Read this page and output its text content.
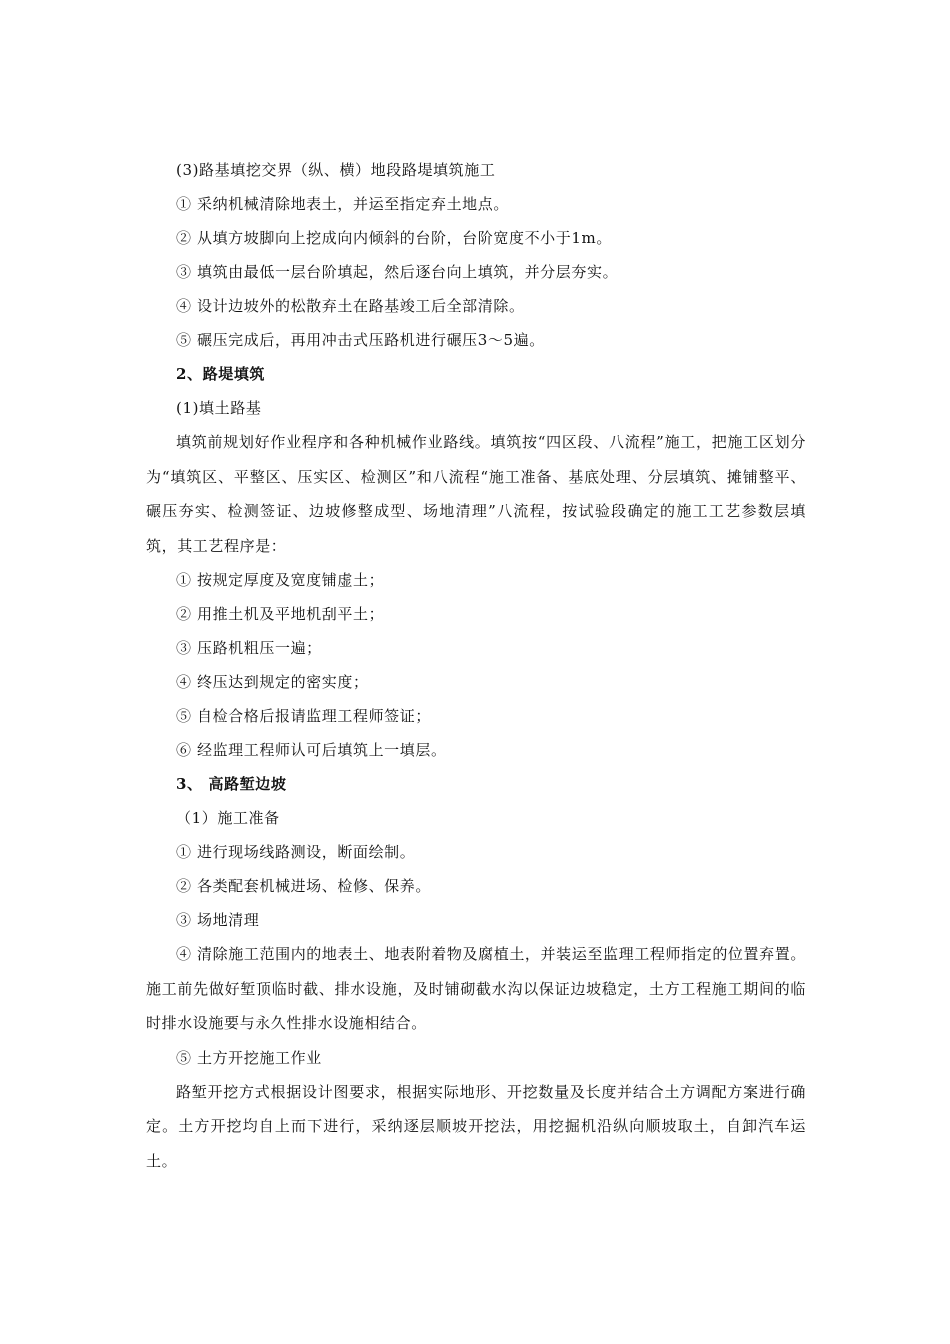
(3)路基填挖交界（纵、横）地段路堤填筑施工
① 采纳机械清除地表土，并运至指定弃土地点。
② 从填方坡脚向上挖成向内倾斜的台阶，台阶宽度不小于1m。
③ 填筑由最低一层台阶填起，然后逐台向上填筑，并分层夯实。
④ 设计边坡外的松散弃土在路基竣工后全部清除。
⑤ 碾压完成后，再用冲击式压路机进行碾压3～5遍。
2、路堤填筑
(1)填土路基

填筑前规划好作业程序和各种机械作业路线。填筑按“四区段、八流程”施工，把施工区划分为“填筑区、平整区、压实区、检测区”和八流程“施工准备、基底处理、分层填筑、摊铺整平、碾压夯实、检测签证、边坡修整成型、场地清理”八流程，按试验段确定的施工工艺参数层填筑，其工艺程序是：

① 按规定厚度及宽度铺虚土；
② 用推土机及平地机刮平土；
③ 压路机粗压一遍；
④ 终压达到规定的密实度；
⑤ 自检合格后报请监理工程师签证；
⑥ 经监理工程师认可后填筑上一填层。
3、 高路堑边坡
（1）施工准备
① 进行现场线路测设，断面绘制。
② 各类配套机械进场、检修、保养。
③ 场地清理

④ 清除施工范围内的地表土、地表附着物及腐植土，并装运至监理工程师指定的位置弃置。施工前先做好堑顶临时截、排水设施，及时铺砌截水沟以保证边坡稳定，土方工程施工期间的临时排水设施要与永久性排水设施相结合。

⑤ 土方开挖施工作业

路堑开挖方式根据设计图要求，根据实际地形、开挖数量及长度并结合土方调配方案进行确定。土方开挖均自上而下进行，采纳逐层顺坡开挖法，用挖掘机沿纵向顺坡取土，自卸汽车运土。
